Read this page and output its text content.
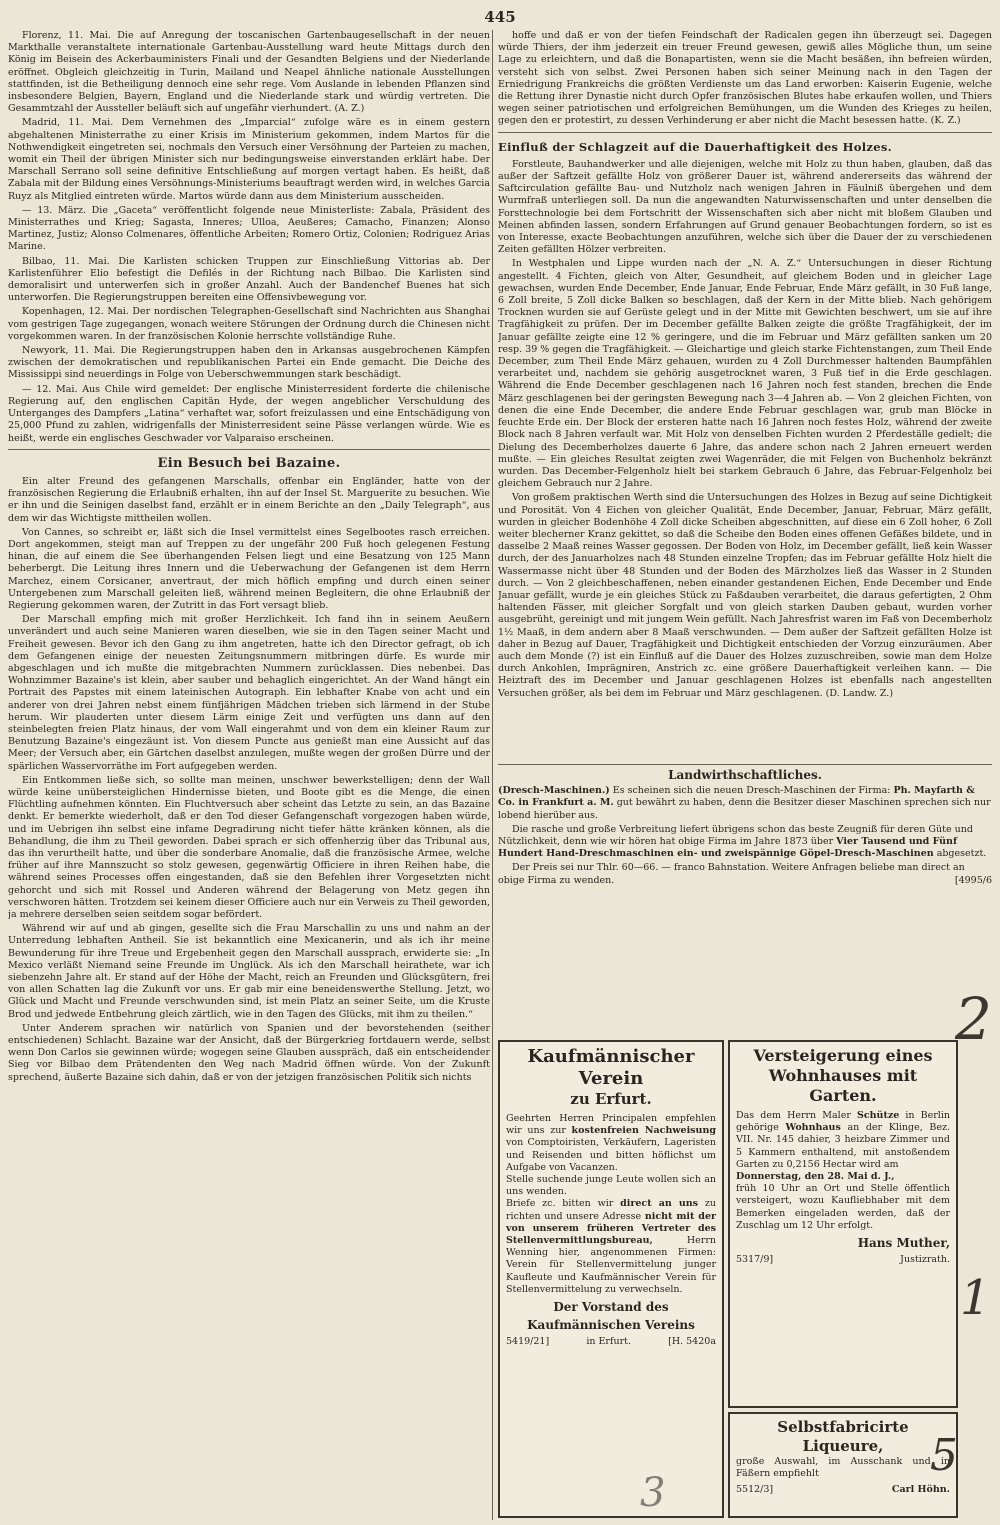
445

Florenz, 11. Mai. Die auf Anregung der toscanischen Gartenbaugesellschaft in der neuen Markthalle veranstaltete internationale Gartenbau-Ausstellung ward heute Mittags durch den König im Beisein des Ackerbauministers Finali und der Gesandten Belgiens und der Niederlande eröffnet. Obgleich gleichzeitig in Turin, Mailand und Neapel ähnliche nationale Ausstellungen stattfinden, ist die Betheiligung dennoch eine sehr rege. Vom Auslande in lebenden Pflanzen sind insbesondere Belgien, Bayern, England und die Niederlande stark und würdig vertreten. Die Gesammtzahl der Aussteller beläuft sich auf ungefähr vierhundert. (A. Z.)

Madrid, 11. Mai. Dem Vernehmen des „Imparcial“ zufolge wäre es in einem gestern abgehaltenen Ministerrathe zu einer Krisis im Ministerium gekommen, indem Martos für die Nothwendigkeit eingetreten sei, nochmals den Versuch einer Versöhnung der Parteien zu machen, womit ein Theil der übrigen Minister sich nur bedingungsweise einverstanden erklärt habe. Der Marschall Serrano soll seine definitive Entschließung auf morgen vertagt haben. Es heißt, daß Zabala mit der Bildung eines Versöhnungs-Ministeriums beauftragt werden wird, in welches Garcia Ruyz als Mitglied eintreten würde. Martos würde dann aus dem Ministerium ausscheiden.

— 13. März. Die „Gaceta“ veröffentlicht folgende neue Ministerliste: Zabala, Präsident des Ministerrathes und Krieg; Sagasta, Inneres; Ulloa, Aeußeres; Camacho, Finanzen; Alonso Martinez, Justiz; Alonso Colmenares, öffentliche Arbeiten; Romero Ortiz, Colonien; Rodriguez Arias Marine.

Bilbao, 11. Mai. Die Karlisten schicken Truppen zur Einschließung Vittorias ab. Der Karlistenführer Elio befestigt die Defilés in der Richtung nach Bilbao. Die Karlisten sind demoralisirt und unterwerfen sich in großer Anzahl. Auch der Bandenchef Buenes hat sich unterworfen. Die Regierungstruppen bereiten eine Offensivbewegung vor.

Kopenhagen, 12. Mai. Der nordischen Telegraphen-Gesellschaft sind Nachrichten aus Shanghai vom gestrigen Tage zugegangen, wonach weitere Störungen der Ordnung durch die Chinesen nicht vorgekommen waren. In der französischen Kolonie herrschte vollständige Ruhe.

Newyork, 11. Mai. Die Regierungstruppen haben den in Arkansas ausgebrochenen Kämpfen zwischen der demokratischen und republikanischen Partei ein Ende gemacht. Die Deiche des Mississippi sind neuerdings in Folge von Ueberschwemmungen stark beschädigt.

— 12. Mai. Aus Chile wird gemeldet: Der englische Ministerresident forderte die chilenische Regierung auf, den englischen Capitän Hyde, der wegen angeblicher Verschuldung des Unterganges des Dampfers „Latina“ verhaftet war, sofort freizulassen und eine Entschädigung von 25,000 Pfund zu zahlen, widrigenfalls der Ministerresident seine Pässe verlangen würde. Wie es heißt, werde ein englisches Geschwader vor Valparaiso erscheinen.

Ein Besuch bei Bazaine.

Ein alter Freund des gefangenen Marschalls, offenbar ein Engländer, hatte von der französischen Regierung die Erlaubniß erhalten, ihn auf der Insel St. Marguerite zu besuchen. Wie er ihn und die Seinigen daselbst fand, erzählt er in einem Berichte an den „Daily Telegraph“, aus dem wir das Wichtigste mittheilen wollen.

Von Cannes, so schreibt er, läßt sich die Insel vermittelst eines Segelbootes rasch erreichen. Dort angekommen, steigt man auf Treppen zu der ungefähr 200 Fuß hoch gelegenen Festung hinan, die auf einem die See überhangenden Felsen liegt und eine Besatzung von 125 Mann beherbergt. Die Leitung ihres Innern und die Ueberwachung der Gefangenen ist dem Herrn Marchez, einem Corsicaner, anvertraut, der mich höflich empfing und durch einen seiner Untergebenen zum Marschall geleiten ließ, während meinen Begleitern, die ohne Erlaubniß der Regierung gekommen waren, der Zutritt in das Fort versagt blieb.

Der Marschall empfing mich mit großer Herzlichkeit. Ich fand ihn in seinem Aeußern unverändert und auch seine Manieren waren dieselben, wie sie in den Tagen seiner Macht und Freiheit gewesen. Bevor ich den Gang zu ihm angetreten, hatte ich den Director gefragt, ob ich dem Gefangenen einige der neuesten Zeitungsnummern mitbringen dürfe. Es wurde mir abgeschlagen und ich mußte die mitgebrachten Nummern zurücklassen. Dies nebenbei. Das Wohnzimmer Bazaine's ist klein, aber sauber und behaglich eingerichtet. An der Wand hängt ein Portrait des Papstes mit einem lateinischen Autograph. Ein lebhafter Knabe von acht und ein anderer von drei Jahren nebst einem fünfjährigen Mädchen trieben sich lärmend in der Stube herum. Wir plauderten unter diesem Lärm einige Zeit und verfügten uns dann auf den steinbelegten freien Platz hinaus, der vom Wall eingerahmt und von dem ein kleiner Raum zur Benutzung Bazaine's eingezäunt ist. Von diesem Puncte aus genießt man eine Aussicht auf das Meer; der Versuch aber, ein Gärtchen daselbst anzulegen, mußte wegen der großen Dürre und der spärlichen Wasservorräthe im Fort aufgegeben werden.

Ein Entkommen ließe sich, so sollte man meinen, unschwer bewerkstelligen; denn der Wall würde keine unübersteiglichen Hindernisse bieten, und Boote gibt es die Menge, die einen Flüchtling aufnehmen könnten. Ein Fluchtversuch aber scheint das Letzte zu sein, an das Bazaine denkt. Er bemerkte wiederholt, daß er den Tod dieser Gefangenschaft vorgezogen haben würde, und im Uebrigen ihn selbst eine infame Degradirung nicht tiefer hätte kränken können, als die Behandlung, die ihm zu Theil geworden. Dabei sprach er sich offenherzig über das Tribunal aus, das ihn verurtheilt hatte, und über die sonderbare Anomalie, daß die französische Armee, welche früher auf ihre Mannszucht so stolz gewesen, gegenwärtig Officiere in ihren Reihen habe, die während seines Processes offen eingestanden, daß sie den Befehlen ihrer Vorgesetzten nicht gehorcht und sich mit Rossel und Anderen während der Belagerung von Metz gegen ihn verschworen hätten. Trotzdem sei keinem dieser Officiere auch nur ein Verweis zu Theil geworden, ja mehrere derselben seien seitdem sogar befördert.

Während wir auf und ab gingen, gesellte sich die Frau Marschallin zu uns und nahm an der Unterredung lebhaften Antheil. Sie ist bekanntlich eine Mexicanerin, und als ich ihr meine Bewunderung für ihre Treue und Ergebenheit gegen den Marschall aussprach, erwiderte sie: „In Mexico verläßt Niemand seine Freunde im Unglück. Als ich den Marschall heirathete, war ich siebenzehn Jahre alt. Er stand auf der Höhe der Macht, reich an Freunden und Glücksgütern, frei von allen Schatten lag die Zukunft vor uns. Er gab mir eine beneidenswerthe Stellung. Jetzt, wo Glück und Macht und Freunde verschwunden sind, ist mein Platz an seiner Seite, um die Kruste Brod und jedwede Entbehrung gleich zärtlich, wie in den Tagen des Glücks, mit ihm zu theilen.“

Unter Anderem sprachen wir natürlich von Spanien und der bevorstehenden (seither entschiedenen) Schlacht. Bazaine war der Ansicht, daß der Bürgerkrieg fortdauern werde, selbst wenn Don Carlos sie gewinnen würde; wogegen seine Glauben ausspräch, daß ein entscheidender Sieg vor Bilbao dem Prätendenten den Weg nach Madrid öffnen würde. Von der Zukunft sprechend, äußerte Bazaine sich dahin, daß er von der jetzigen französischen Politik sich nichts

hoffe und daß er von der tiefen Feindschaft der Radicalen gegen ihn überzeugt sei. Dagegen würde Thiers, der ihm jederzeit ein treuer Freund gewesen, gewiß alles Mögliche thun, um seine Lage zu erleichtern, und daß die Bonapartisten, wenn sie die Macht besäßen, ihn befreien würden, versteht sich von selbst. Zwei Personen haben sich seiner Meinung nach in den Tagen der Erniedrigung Frankreichs die größten Verdienste um das Land erworben: Kaiserin Eugenie, welche die Rettung ihrer Dynastie nicht durch Opfer französischen Blutes habe erkaufen wollen, und Thiers wegen seiner patriotischen und erfolgreichen Bemühungen, um die Wunden des Krieges zu heilen, gegen den er protestirt, zu dessen Verhinderung er aber nicht die Macht besessen hatte. (K. Z.)

Einfluß der Schlagzeit auf die Dauerhaftigkeit des Holzes.

Forstleute, Bauhandwerker und alle diejenigen, welche mit Holz zu thun haben, glauben, daß das außer der Saftzeit gefällte Holz von größerer Dauer ist, während andererseits das während der Saftcirculation gefällte Bau- und Nutzholz nach wenigen Jahren in Fäulniß übergehen und dem Wurmfraß unterliegen soll. Da nun die angewandten Naturwissenschaften und unter denselben die Forsttechnologie bei dem Fortschritt der Wissenschaften sich aber nicht mit bloßem Glauben und Meinen abfinden lassen, sondern Erfahrungen auf Grund genauer Beobachtungen fordern, so ist es von Interesse, exacte Beobachtungen anzuführen, welche sich über die Dauer der zu verschiedenen Zeiten gefällten Hölzer verbreiten.

In Westphalen und Lippe wurden nach der „N. A. Z.“ Untersuchungen in dieser Richtung angestellt. 4 Fichten, gleich von Alter, Gesundheit, auf gleichem Boden und in gleicher Lage gewachsen, wurden Ende December, Ende Januar, Ende Februar, Ende März gefällt, in 30 Fuß lange, 6 Zoll breite, 5 Zoll dicke Balken so beschlagen, daß der Kern in der Mitte blieb. Nach gehörigem Trocknen wurden sie auf Gerüste gelegt und in der Mitte mit Gewichten beschwert, um sie auf ihre Tragfähigkeit zu prüfen. Der im December gefällte Balken zeigte die größte Tragfähigkeit, der im Januar gefällte zeigte eine 12 % geringere, und die im Februar und März gefällten sanken um 20 resp. 39 % gegen die Tragfähigkeit. — Gleichartige und gleich starke Fichtenstangen, zum Theil Ende December, zum Theil Ende März gehauen, wurden zu 4 Zoll Durchmesser haltenden Baumpfählen verarbeitet und, nachdem sie gehörig ausgetrocknet waren, 3 Fuß tief in die Erde geschlagen. Während die Ende December geschlagenen nach 16 Jahren noch fest standen, brechen die Ende März geschlagenen bei der geringsten Bewegung nach 3—4 Jahren ab. — Von 2 gleichen Fichten, von denen die eine Ende December, die andere Ende Februar geschlagen war, grub man Blöcke in feuchte Erde ein. Der Block der ersteren hatte nach 16 Jahren noch festes Holz, während der zweite Block nach 8 Jahren verfault war. Mit Holz von denselben Fichten wurden 2 Pferdeställe gedielt; die Dielung des Decemberholzes dauerte 6 Jahre, das andere schon nach 2 Jahren erneuert werden mußte. — Ein gleiches Resultat zeigten zwei Wagenräder, die mit Felgen von Buchenholz bekränzt wurden. Das December-Felgenholz hielt bei starkem Gebrauch 6 Jahre, das Februar-Felgenholz bei gleichem Gebrauch nur 2 Jahre.

Von großem praktischen Werth sind die Untersuchungen des Holzes in Bezug auf seine Dichtigkeit und Porosität. Von 4 Eichen von gleicher Qualität, Ende December, Januar, Februar, März gefällt, wurden in gleicher Bodenhöhe 4 Zoll dicke Scheiben abgeschnitten, auf diese ein 6 Zoll hoher, 6 Zoll weiter blecherner Kranz gekittet, so daß die Scheibe den Boden eines offenen Gefäßes bildete, und in dasselbe 2 Maaß reines Wasser gegossen. Der Boden von Holz, im December gefällt, ließ kein Wasser durch, der des Januarholzes nach 48 Stunden einzelne Tropfen; das im Februar gefällte Holz hielt die Wassermasse nicht über 48 Stunden und der Boden des Märzholzes ließ das Wasser in 2 Stunden durch. — Von 2 gleichbeschaffenen, neben einander gestandenen Eichen, Ende December und Ende Januar gefällt, wurde je ein gleiches Stück zu Faßdauben verarbeitet, die daraus gefertigten, 2 Ohm haltenden Fässer, mit gleicher Sorgfalt und von gleich starken Dauben gebaut, wurden vorher ausgebrüht, gereinigt und mit jungem Wein gefüllt. Nach Jahresfrist waren im Faß von Decemberholz 1½ Maaß, in dem andern aber 8 Maaß verschwunden. — Dem außer der Saftzeit gefällten Holze ist daher in Bezug auf Dauer, Tragfähigkeit und Dichtigkeit entschieden der Vorzug einzuräumen. Aber auch dem Monde (?) ist ein Einfluß auf die Dauer des Holzes zuzuschreiben, sowie man dem Holze durch Ankohlen, Imprägniren, Anstrich zc. eine größere Dauerhaftigkeit verleihen kann. — Die Heiztraft des im December und Januar geschlagenen Holzes ist ebenfalls nach angestellten Versuchen größer, als bei dem im Februar und März geschlagenen. (D. Landw. Z.)

Landwirthschaftliches.

(Dresch-Maschinen.) Es scheinen sich die neuen Dresch-Maschinen der Firma: Ph. Mayfarth & Co. in Frankfurt a. M. gut bewährt zu haben, denn die Besitzer dieser Maschinen sprechen sich nur lobend hierüber aus.

Die rasche und große Verbreitung liefert übrigens schon das beste Zeugniß für deren Güte und Nützlichkeit, denn wie wir hören hat obige Firma im Jahre 1873 über Vier Tausend und Fünf Hundert Hand-Dreschmaschinen ein- und zweispännige Göpel-Dresch-Maschinen abgesetzt.

Der Preis sei nur Thlr. 60—66. — franco Bahnstation. Weitere Anfragen beliebe man direct an obige Firma zu wenden.	[4995/6

Kaufmännischer Verein
zu Erfurt.
Geehrten Herren Principalen empfehlen wir uns zur kostenfreien Nachweisung von Comptoiristen, Verkäufern, Lageristen und Reisenden und bitten höflichst um Aufgabe von Vacanzen.
Stelle suchende junge Leute wollen sich an uns wenden.
Briefe zc. bitten wir direct an uns zu richten und unsere Adresse nicht mit der von unserem früheren Vertreter des Stellenvermittlungsbureau,	Herrn Wenning hier, angenommenen Firmen: Verein für Stellenvermittelung junger Kaufleute und Kaufmännischer Verein für Stellenvermittelung zu verwechseln.
Der Vorstand des
Kaufmännischen Vereins
5419/21]	in Erfurt.	[H. 5420a
Versteigerung eines Wohnhauses mit Garten.
Das dem Herrn Maler Schütze in Berlin gehörige Wohnhaus an der Klinge, Bez. VII. Nr. 145 dahier, 3 heizbare Zimmer und 5 Kammern enthaltend, mit anstoßendem Garten zu 0,2156 Hectar wird am
Donnerstag, den 28. Mai d. J.,
früh 10 Uhr an Ort und Stelle öffentlich versteigert, wozu Kaufliebhaber mit dem Bemerken eingeladen werden, daß der Zuschlag um 12 Uhr erfolgt.
Hans Muther,
5317/9]	Justizrath.
Selbstfabricirte Liqueure,
große Auswahl, im Ausschank und in Fäßern empfiehlt
5512/3]	Carl Höhn.
2
1
5
3
